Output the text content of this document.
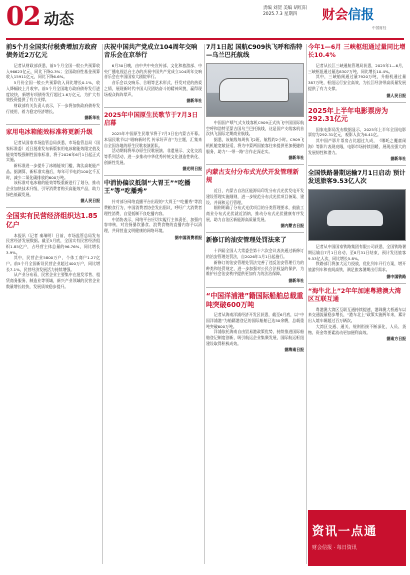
02 动态
责编 刘贺 美编 胡红阳
2025.7.3 星期四	财会信报
中国财经
前5个月全国实付税费增加方政府债务近2万亿元

记者从财政部获悉，前5个月全国一般公共预算收入96623亿元，同比下降0.3%；全国政府性基金预算收入15911亿元，同比下降6.6%。

5月份全国一般公共预算收入同比增长0.1%，收入降幅较上月收窄。前5个月全国地方政府债券发行进度较快，新增专项债券发行超过1.6万亿元，为扩大有效投资提供了有力支撑。

财政部有关负责人表示，下一步将加快政府债券发行使用，着力稳定经济增长。

据新华社
家用电冰箱能效标准将更新升级

记者从国家市场监管总局获悉，市场监管总局（国家标准委）近日批准发布新版家用电冰箱能效限定值及能效等级强制性国家标准，将于2026年6月1日起正式实施。

新标准进一步提升了冰箱能效门槛，淘汰高耗能产品。据测算，新标准实施后，每年可节电约100亿千瓦时，减少二氧化碳排放约600万吨。

该标准对电冰箱的能效等级重新进行了划分，推动企业加快技术升级，引导消费者购买高能效产品，助力绿色低碳发展。

据人民日报
全国实有民营经济组织达1.85亿户

本报讯（记者 秦瑞明）日前，市场监管总局发布民营经济发展数据。截至5月底，全国实有民营经济组织1.85亿户，占经营主体总量的96.76%，同比增长3.9%。

其中，民营企业5800万户，个体工商户1.27亿户。前5个月全国新设民营企业超过400万户，同比增长7.1%，民营经济发展活力持续增强。

从产业分布看，民营企业主要集中在批发零售、租赁商务服务、制造业等领域，新兴产业领域的民营企业数量增长较快，发展质效稳步提升。

庆祝中国共产党成立104周年交响音乐会在京举行

6月30日晚，由中共中央宣传部、文化和旅游部、中央广播电视总台主办的庆祝中国共产党成立104周年交响音乐会在中国国家大剧院举行。

音乐会以交响乐、合唱等艺术形式，抒发对党的热爱之情，展现新时代中国人民团结奋斗的精神风貌，赢得现场观众阵阵掌声。

据新华社
2025年中国原生民歌节于7月3日启幕

2025年中国原生民歌节将于7月3日在内蒙古开幕。本届民歌节以“唱响新时代 传承好声音”为主题，汇集来自全国各地的原生民歌表演团队。

活动期间将举办原生民歌展演、非遗展示、文化交流等系列活动，进一步推动中华优秀传统文化创造性转化、创新性发展。

据光明日报
中消协偏议抵制“大胃王”“吃播王”等“吃播秀”

针对部分网络直播平台出现的“大胃王”“吃播秀”等浪费粮食行为，中国消费者协会发出倡议，呼吁广大消费者理性消费，自觉抵制不良吃播内容。

中消协表示，网络平台应切实履行主体责任，加强内容审核，对宣扬暴饮暴食、浪费食物的直播内容予以清理，共同营造文明健康的网络环境。

据中国消费者报
7月1日起 国航C909执飞呼和浩特—乌兰巴托航线

中国国产喷气式支线客机C909正式执飞中国国际航空呼和浩特至蒙古国乌兰巴托航线，这是国产支线客机首次执飞国际定期商业航线。

据悉，该航线每周执飞2班，航程约2小时。C909飞机机舱宽敞舒适，将为中蒙两国旅客往来提供更加便捷的服务，助力“一带一路”合作走深走实。

据新华社
内蒙古支付分布式光伏开发管理新规

近日，内蒙古自治区能源局印发分布式光伏发电开发建设管理实施细则，进一步规范分布式光伏项目备案、建设、并网和运行管理。

细则明确了分布式光伏项目的分类管理要求，鼓励工商业分布式光伏就近消纳，推动分布式光伏健康有序发展，助力自治区新能源高质量发展。

据内蒙古日报
新修订的油安管理处罚法来了

十四届全国人大常委会第十六次会议表决通过新修订的治安管理处罚法，自2026年1月1日起施行。

新修订的治安管理处罚法完善了违反治安管理行为的种类和处罚规定，进一步加强对公民合法权益的保护，为维护社会治安秩序提供更加有力的法治保障。

据新华社
“中国洋浦港”籍国际船舶总载重吨突破600万吨

记者从海南洋浦经济开发区获悉，截至6月底，以“中国洋浦港”为船籍港登记的国际船舶已达50余艘，总载重吨突破600万吨。

洋浦依托海南自由贸易港政策优势，持续推进国际船舶登记制度创新，吸引航运企业集聚发展，国际航运枢纽建设取得积极成效。

据海南日报
今年1—6月 三峡枢纽通过量同比增长10.4%

记者从长江三峡通航管理局获悉，2025年1—6月，三峡枢纽通过量达8307万吨，同比增长10.4%。

其中，三峡船闸通过量7920万吨，升船机通过量387万吨，枢纽运行安全高效，为长江经济带高质量发展提供了有力支撑。

据人民日报
2025年上半年电影票房为292.31亿元

国家电影局发布数据显示，2025年上半年全国电影票房为292.31亿元，观影人次为6.41亿。

其中国产影片票房占比超过九成，《哪吒之魔童闹海》等影片表现亮眼，电影市场持续回暖，展现出强大的发展韧性和潜力。

据新华社
全国铁路暑期运输7月1日启动 预计发送旅客9.53亿人次

记者从中国国家铁路集团有限公司获悉，全国铁路暑期运输自7月1日启动，至8月31日结束，预计发送旅客9.53亿人次，同比增长5.8%。

铁路部门将加大运力投放，优化列车开行方案，增开旅游列车和夜间高铁，满足旅客暑期出行需求。

据中国铁路
“海牛北上”2年年加速粤港澳大湾区互联互通

粤港澳大湾区互联互通持续提速，港珠澳大桥通车以来交通流量稳步增长，“港车北上”政策实施两年来，累计出入境车辆超过百万辆次。

大湾区交通、通关、规则衔接不断深化，人员、货物、资金等要素流动更加便利高效。

据南方日报
资讯一点通
财会信报 · 每日资讯
